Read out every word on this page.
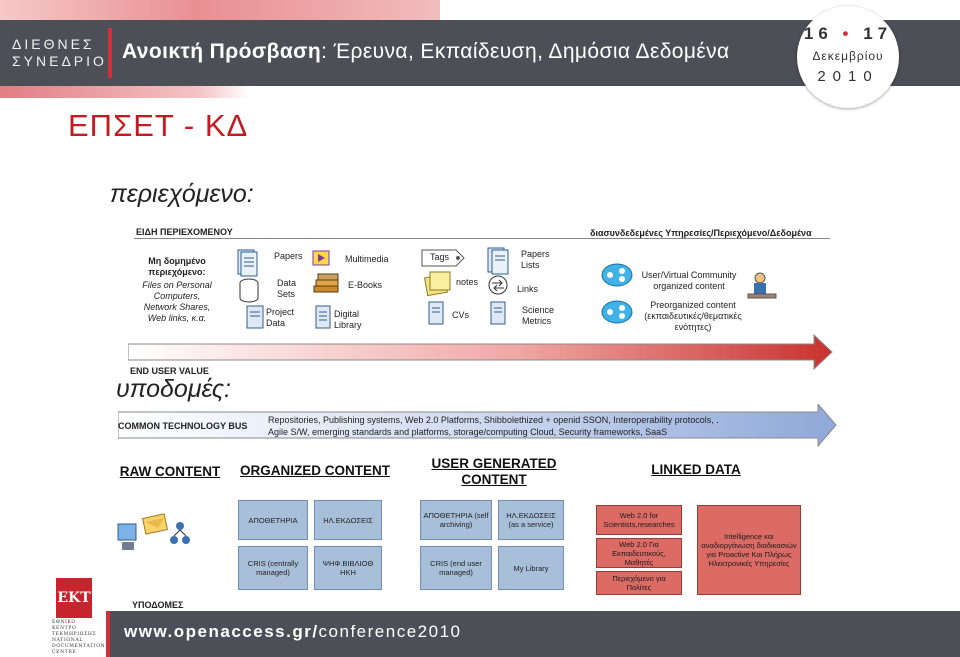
ΔΙΕΘΝΕΣ
ΣΥΝΕΔΡΙΟ Ανοικτή Πρόσβαση: Έρευνα, Εκπαίδευση, Δημόσια Δεδομένα
16 • 17
Δεκεμβρίου
2010
ΕΠΣΕΤ - ΚΔ
περιεχόμενο:
ΕΙΔΗ ΠΕΡΙΕΧΟΜΕΝΟΥ	διασυνδεδεμένες Υπηρεσίες/Περιεχόμενο/Δεδομένα
Μη δομημένο περιεχόμενο:
Files on Personal Computers, Network Shares, Web links, κ.α.
Papers
Data Sets
Project Data
Multimedia
E-Books
Digital Library
Tags
notes
CVs
Papers Lists
Links
Science Metrics
User/Virtual Community organized content
Preorganized content (εκπαιδευτικές/θεματικές ενότητες)
END USER VALUE
υποδομές:
COMMON TECHNOLOGY BUS
Repositories, Publishing systems, Web 2.0 Platforms, Shibbolethized + openid SSON, Interoperability protocols, .
Agile S/W, emerging standards and platforms, storage/computing Cloud, Security frameworks, SaaS
RAW CONTENT	ORGANIZED CONTENT	USER GENERATED CONTENT
LINKED DATA
ΑΠΟΘΕΤΗΡΙΑ	ΗΛ.ΕΚΔΟΣΕΙΣ
CRIS (centrally managed)
ΨΗΦ.ΒΙΒΛΙΟΘ ΗΚΗ
ΑΠΟΘΕΤΗΡΙΑ (self archiving)
ΗΛ.ΕΚΔΟΣΕΙΣ (as a service)
CRIS (end user managed)	My Library
Web 2.0 for Scientists,researches
Web 2.0 Για Εκπαιδευτικούς, Μαθητές
Περιεχόμενο για Πολίτες
Intelligence και αναδιοργάνωση διαδικασιών για Proactive Και Πλήρως Ηλεκτρονικές Υπηρεσίες
ΥΠΟΔΟΜΕΣ
www.openaccess.gr/conference2010
ΕΚΤ
ΕΘΝΙΚΟ ΚΕΝΤΡΟ
ΤΕΚΜΗΡΙΩΣΗΣ
NATIONAL
DOCUMENTATION
CENTRE
